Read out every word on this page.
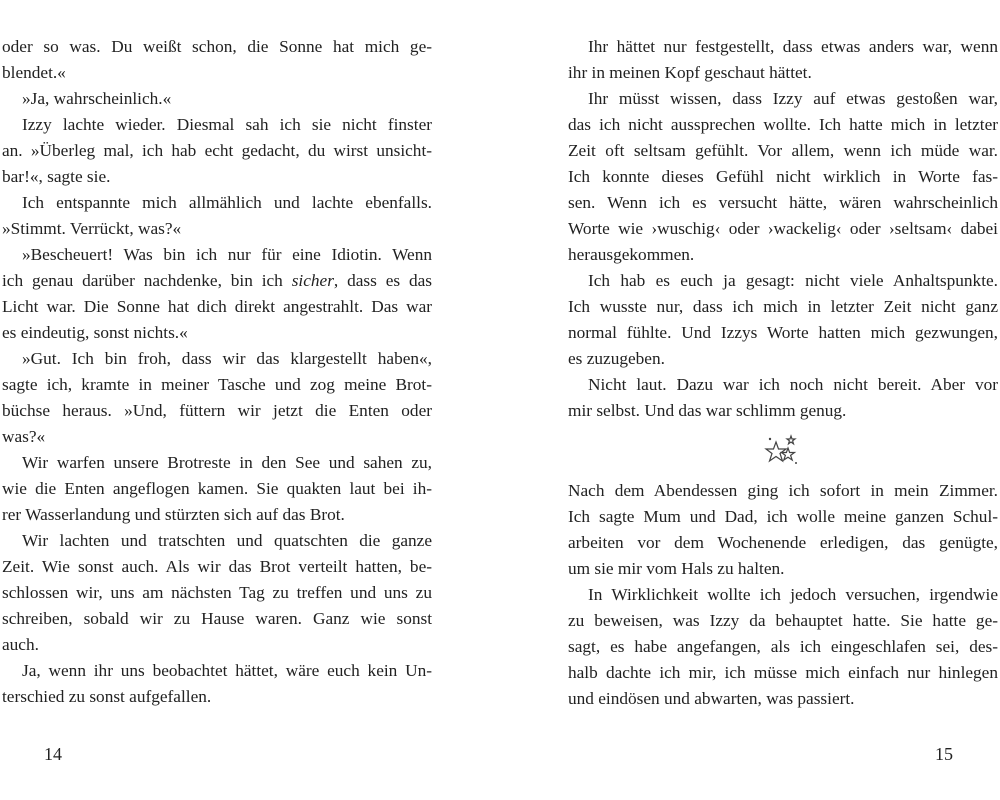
oder so was. Du weißt schon, die Sonne hat mich ge-
blendet.«
»Ja, wahrscheinlich.«
Izzy lachte wieder. Diesmal sah ich sie nicht finster
an. »Überleg mal, ich hab echt gedacht, du wirst unsicht-
bar!«, sagte sie.
Ich entspannte mich allmählich und lachte ebenfalls.
»Stimmt. Verrückt, was?«
»Bescheuert! Was bin ich nur für eine Idiotin. Wenn
ich genau darüber nachdenke, bin ich sicher, dass es das
Licht war. Die Sonne hat dich direkt angestrahlt. Das war
es eindeutig, sonst nichts.«
»Gut. Ich bin froh, dass wir das klargestellt haben«,
sagte ich, kramte in meiner Tasche und zog meine Brot-
büchse heraus. »Und, füttern wir jetzt die Enten oder
was?«
Wir warfen unsere Brotreste in den See und sahen zu,
wie die Enten angeflogen kamen. Sie quakten laut bei ih-
rer Wasserlandung und stürzten sich auf das Brot.
Wir lachten und tratschten und quatschten die ganze
Zeit. Wie sonst auch. Als wir das Brot verteilt hatten, be-
schlossen wir, uns am nächsten Tag zu treffen und uns zu
schreiben, sobald wir zu Hause waren. Ganz wie sonst
auch.
Ja, wenn ihr uns beobachtet hättet, wäre euch kein Un-
terschied zu sonst aufgefallen.
Ihr hättet nur festgestellt, dass etwas anders war, wenn
ihr in meinen Kopf geschaut hättet.
Ihr müsst wissen, dass Izzy auf etwas gestoßen war,
das ich nicht aussprechen wollte. Ich hatte mich in letzter
Zeit oft seltsam gefühlt. Vor allem, wenn ich müde war.
Ich konnte dieses Gefühl nicht wirklich in Worte fas-
sen. Wenn ich es versucht hätte, wären wahrscheinlich
Worte wie ›wuschig‹ oder ›wackelig‹ oder ›seltsam‹ dabei
herausgekommen.
Ich hab es euch ja gesagt: nicht viele Anhaltspunkte.
Ich wusste nur, dass ich mich in letzter Zeit nicht ganz
normal fühlte. Und Izzys Worte hatten mich gezwungen,
es zuzugeben.
Nicht laut. Dazu war ich noch nicht bereit. Aber vor
mir selbst. Und das war schlimm genug.
Nach dem Abendessen ging ich sofort in mein Zimmer.
Ich sagte Mum und Dad, ich wolle meine ganzen Schul-
arbeiten vor dem Wochenende erledigen, das genügte,
um sie mir vom Hals zu halten.
In Wirklichkeit wollte ich jedoch versuchen, irgendwie
zu beweisen, was Izzy da behauptet hatte. Sie hatte ge-
sagt, es habe angefangen, als ich eingeschlafen sei, des-
halb dachte ich mir, ich müsse mich einfach nur hinlegen
und eindösen und abwarten, was passiert.
14	15
